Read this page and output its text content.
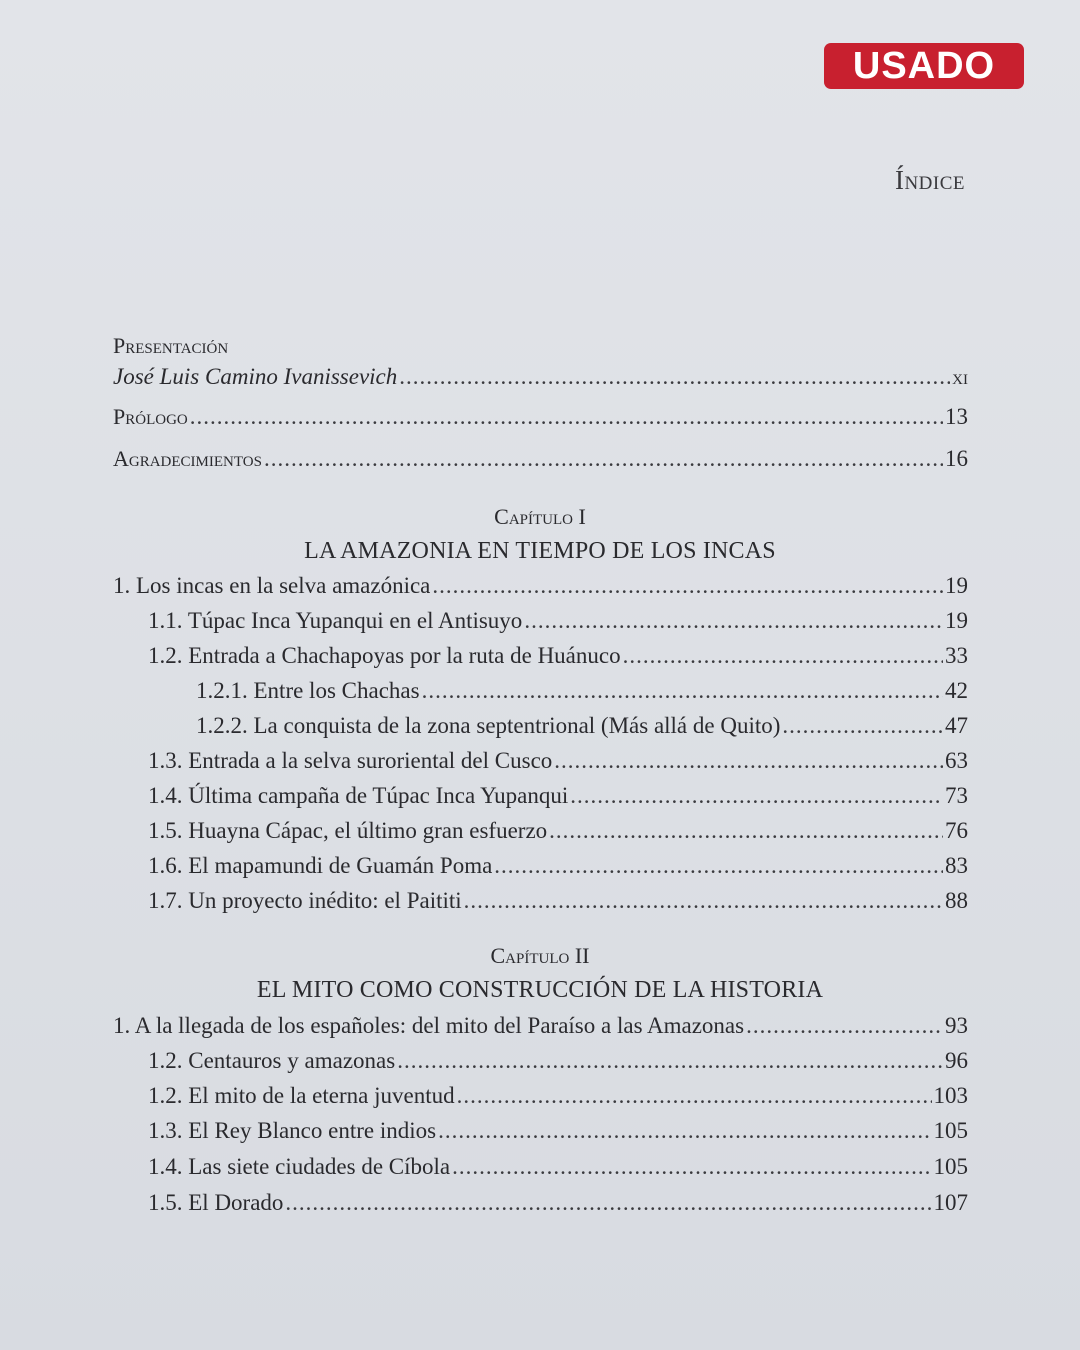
USADO
Índice
Presentación
José Luis Camino Ivanissevich .....	xi
Prólogo .....	13
Agradecimientos .....	16
Capítulo I
LA AMAZONIA EN TIEMPO DE LOS INCAS
1. Los incas en la selva amazónica .....	19
1.1. Túpac Inca Yupanqui en el Antisuyo .....	19
1.2. Entrada a Chachapoyas por la ruta de Huánuco .....	33
1.2.1. Entre los Chachas .....	42
1.2.2. La conquista de la zona septentrional (Más allá de Quito) .....	47
1.3. Entrada a la selva suroriental del Cusco .....	63
1.4. Última campaña de Túpac Inca Yupanqui .....	73
1.5. Huayna Cápac, el último gran esfuerzo .....	76
1.6. El mapamundi de Guamán Poma .....	83
1.7. Un proyecto inédito: el Paititi .....	88
Capítulo II
EL MITO COMO CONSTRUCCIÓN DE LA HISTORIA
1. A la llegada de los españoles: del mito del Paraíso a las Amazonas .....	93
1.2. Centauros y amazonas .....	96
1.2. El mito de la eterna juventud .....	103
1.3. El Rey Blanco entre indios .....	105
1.4. Las siete ciudades de Cíbola .....	105
1.5. El Dorado .....	107
